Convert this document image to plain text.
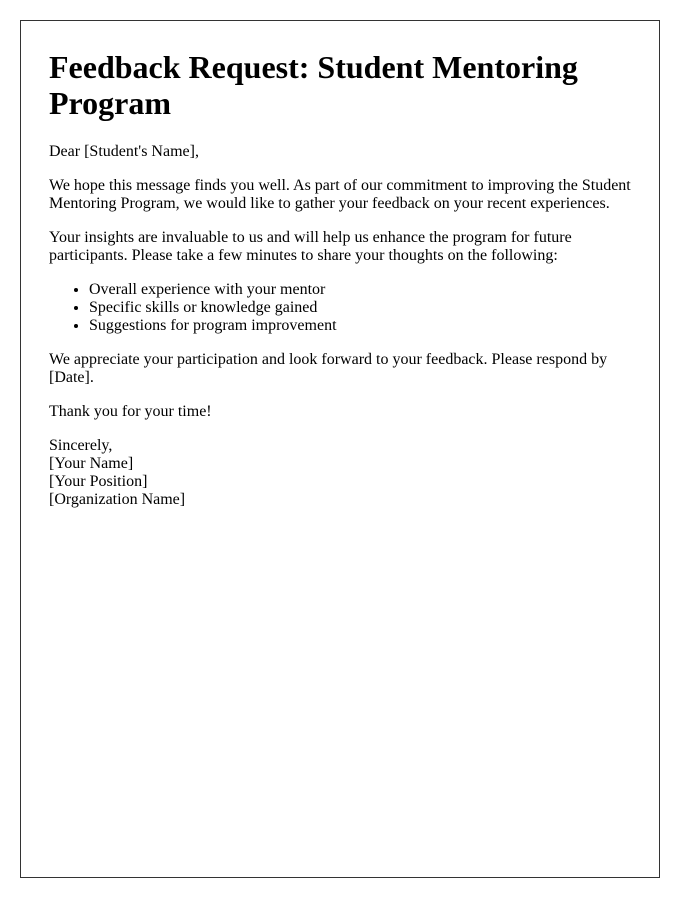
Feedback Request: Student Mentoring Program

Dear [Student's Name],

We hope this message finds you well. As part of our commitment to improving the Student Mentoring Program, we would like to gather your feedback on your recent experiences.

Your insights are invaluable to us and will help us enhance the program for future participants. Please take a few minutes to share your thoughts on the following:

• Overall experience with your mentor
• Specific skills or knowledge gained
• Suggestions for program improvement

We appreciate your participation and look forward to your feedback. Please respond by [Date].

Thank you for your time!

Sincerely,
[Your Name]
[Your Position]
[Organization Name]
